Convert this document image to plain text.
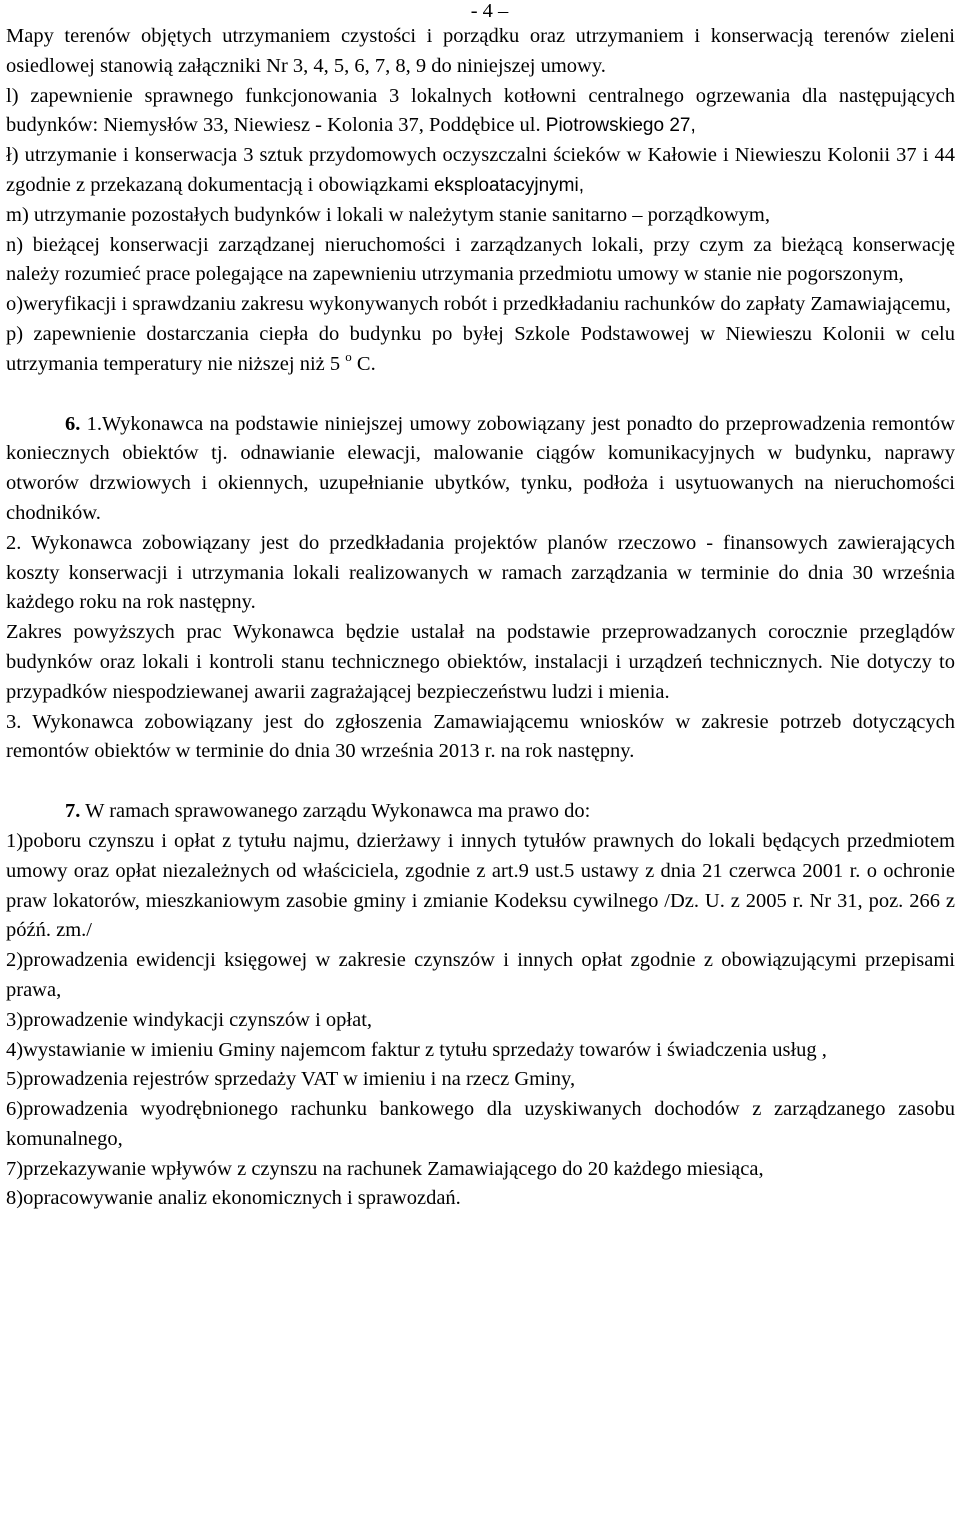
- 4 –

Mapy terenów objętych utrzymaniem czystości i porządku oraz utrzymaniem i konserwacją terenów zieleni osiedlowej stanowią załączniki Nr 3, 4, 5, 6, 7, 8, 9 do niniejszej umowy.

l) zapewnienie sprawnego funkcjonowania 3 lokalnych kotłowni centralnego ogrzewania dla następujących budynków: Niemysłów 33, Niewiesz - Kolonia 37, Poddębice ul. Piotrowskiego 27,

ł) utrzymanie i konserwacja 3 sztuk przydomowych oczyszczalni ścieków w Kałowie i Niewieszu Kolonii 37 i 44 zgodnie z przekazaną dokumentacją i obowiązkami eksploatacyjnymi,

m) utrzymanie pozostałych budynków i lokali w należytym stanie sanitarno – porządkowym,

n) bieżącej konserwacji zarządzanej nieruchomości i zarządzanych lokali, przy czym za bieżącą konserwację należy rozumieć prace polegające na zapewnieniu utrzymania przedmiotu umowy w stanie nie pogorszonym,

o)weryfikacji i sprawdzaniu zakresu wykonywanych robót i przedkładaniu rachunków do zapłaty Zamawiającemu,

p) zapewnienie dostarczania ciepła do budynku po byłej Szkole Podstawowej w Niewieszu Kolonii w celu utrzymania temperatury nie niższej niż 5 $^o$ C.

6. 1.Wykonawca na podstawie niniejszej umowy zobowiązany jest ponadto do przeprowadzenia remontów koniecznych obiektów tj. odnawianie elewacji, malowanie ciągów komunikacyjnych w budynku, naprawy otworów drzwiowych i okiennych, uzupełnianie ubytków, tynku, podłoża i usytuowanych na nieruchomości chodników.

2. Wykonawca zobowiązany jest do przedkładania projektów planów rzeczowo - finansowych zawierających koszty konserwacji i utrzymania lokali realizowanych w ramach zarządzania w terminie do dnia 30 września każdego roku na rok następny.

Zakres powyższych prac Wykonawca będzie ustalał na podstawie przeprowadzanych corocznie przeglądów budynków oraz lokali i kontroli stanu technicznego obiektów, instalacji i urządzeń technicznych. Nie dotyczy to przypadków niespodziewanej awarii zagrażającej bezpieczeństwu ludzi i mienia.

3. Wykonawca zobowiązany jest do zgłoszenia Zamawiającemu wniosków w zakresie potrzeb dotyczących remontów obiektów w terminie do dnia 30 września 2013 r. na rok następny.

7. W ramach sprawowanego zarządu Wykonawca ma prawo do:

1)poboru czynszu i opłat z tytułu najmu, dzierżawy i innych tytułów prawnych do lokali będących przedmiotem umowy oraz opłat niezależnych od właściciela, zgodnie z art.9 ust.5 ustawy z dnia 21 czerwca 2001 r. o ochronie praw lokatorów, mieszkaniowym zasobie gminy i zmianie Kodeksu cywilnego /Dz. U. z 2005 r. Nr 31, poz. 266 z późń. zm./

2)prowadzenia ewidencji księgowej w zakresie czynszów i innych opłat zgodnie z obowiązującymi przepisami prawa,

3)prowadzenie windykacji czynszów i opłat,

4)wystawianie w imieniu Gminy najemcom faktur z tytułu sprzedaży towarów i świadczenia usług ,

5)prowadzenia rejestrów sprzedaży VAT w imieniu i na rzecz Gminy,

6)prowadzenia wyodrębnionego rachunku bankowego dla uzyskiwanych dochodów z zarządzanego zasobu komunalnego,

7)przekazywanie wpływów z czynszu na rachunek Zamawiającego do 20 każdego miesiąca,

8)opracowywanie analiz ekonomicznych i sprawozdań.
